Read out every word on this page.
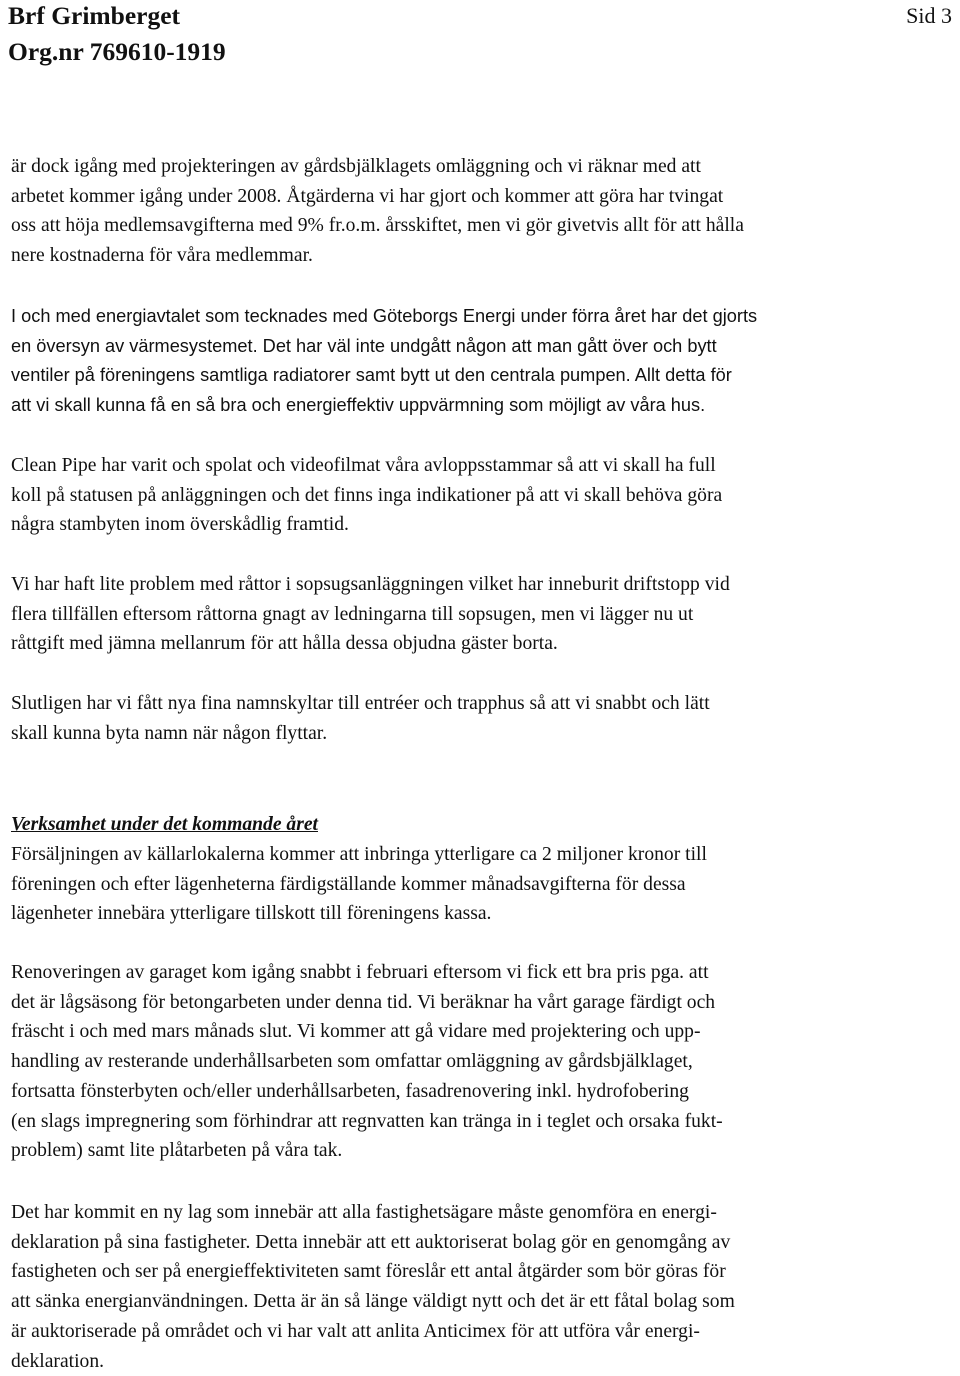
Brf Grimberget
Org.nr 769610-1919
Sid 3

är dock igång med projekteringen av gårdsbjälklagets omläggning och vi räknar med att
arbetet kommer igång under 2008. Åtgärderna vi har gjort och kommer att göra har tvingat
oss att höja medlemsavgifterna med 9% fr.o.m. årsskiftet, men vi gör givetvis allt för att hålla
nere kostnaderna för våra medlemmar.

I och med energiavtalet som tecknades med Göteborgs Energi under förra året har det gjorts
en översyn av värmesystemet. Det har väl inte undgått någon att man gått över och bytt
ventiler på föreningens samtliga radiatorer samt bytt ut den centrala pumpen. Allt detta för
att vi skall kunna få en så bra och energieffektiv uppvärmning som möjligt av våra hus.

Clean Pipe har varit och spolat och videofilmat våra avloppsstammar så att vi skall ha full
koll på statusen på anläggningen och det finns inga indikationer på att vi skall behöva göra
några stambyten inom överskådlig framtid.

Vi har haft lite problem med råttor i sopsugsanläggningen vilket har inneburit driftstopp vid
flera tillfällen eftersom råttorna gnagt av ledningarna till sopsugen, men vi lägger nu ut
råttgift med jämna mellanrum för att hålla dessa objudna gäster borta.

Slutligen har vi fått nya fina namnskyltar till entréer och trapphus så att vi snabbt och lätt
skall kunna byta namn när någon flyttar.

Verksamhet under det kommande året

Försäljningen av källarlokalerna kommer att inbringa ytterligare ca 2 miljoner kronor till
föreningen och efter lägenheterna färdigställande kommer månadsavgifterna för dessa
lägenheter innebära ytterligare tillskott till föreningens kassa.

Renoveringen av garaget kom igång snabbt i februari eftersom vi fick ett bra pris pga. att
det är lågsäsong för betongarbeten under denna tid. Vi beräknar ha vårt garage färdigt och
fräscht i och med mars månads slut. Vi kommer att gå vidare med projektering och upp-
handling av resterande underhållsarbeten som omfattar omläggning av gårdsbjälklaget,
fortsatta fönsterbyten och/eller underhållsarbeten, fasadrenovering inkl. hydrofobering
(en slags impregnering som förhindrar att regnvatten kan tränga in i teglet och orsaka fukt-
problem) samt lite plåtarbeten på våra tak.

Det har kommit en ny lag som innebär att alla fastighetsägare måste genomföra en energi-
deklaration på sina fastigheter. Detta innebär att ett auktoriserat bolag gör en genomgång av
fastigheten och ser på energieffektiviteten samt föreslår ett antal åtgärder som bör göras för
att sänka energianvändningen. Detta är än så länge väldigt nytt och det är ett fåtal bolag som
är auktoriserade på området och vi har valt att anlita Anticimex för att utföra vår energi-
deklaration.
